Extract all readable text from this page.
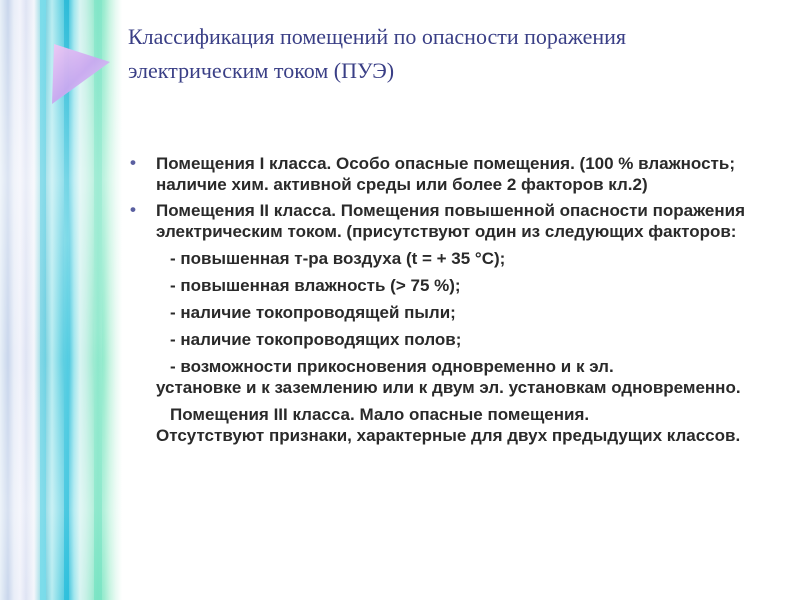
Классификация помещений по опасности поражения
электрическим током (ПУЭ)
• Помещения I класса. Особо опасные помещения. (100 % влажность; наличие хим. активной среды или более 2 факторов кл.2)
• Помещения II класса. Помещения повышенной опасности поражения электрическим током. (присутствуют один из следующих факторов:
- повышенная т-ра воздуха (t = + 35 °С);
- повышенная влажность (> 75 %);
- наличие токопроводящей пыли;
- наличие токопроводящих полов;
- возможности прикосновения одновременно и к эл.
установке и к заземлению или к двум эл. установкам одновременно.
Помещения III класса. Мало опасные помещения.
Отсутствуют признаки, характерные для двух предыдущих классов.
